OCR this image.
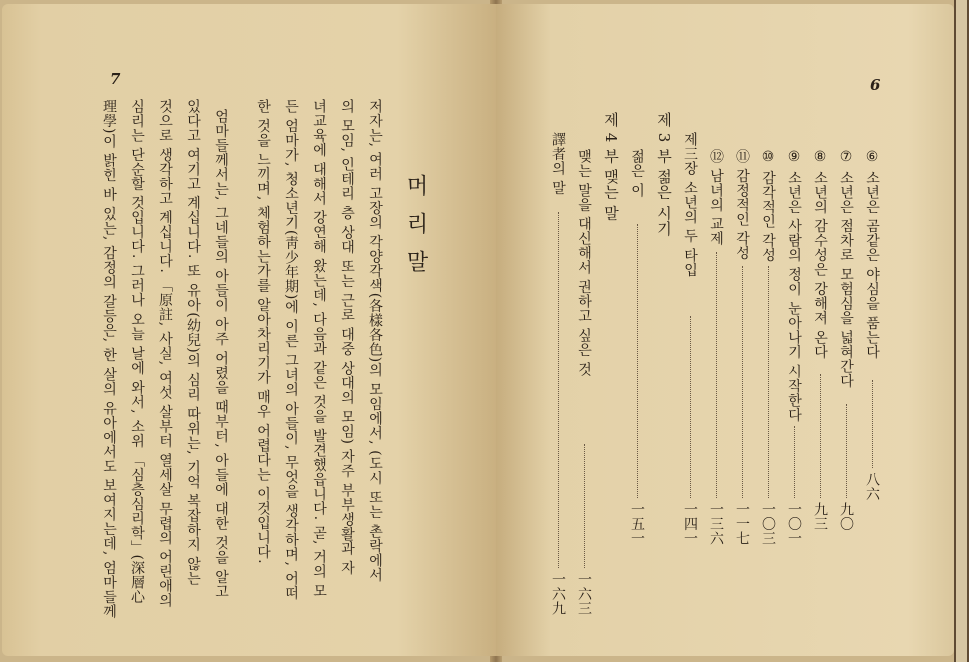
7
머리말
저자는, 여러 고장의 각양각색(各樣各色)의 모임에서, (도시 또는 촌락에서
의 모임, 인테리 층 상대 또는 근로 대중 상대의 모임) 자주 부부생활과 자
녀교육에 대해서 강연해 왔는데, 다음과 같은 것을 발견했읍니다. 곧, 거의 모
든 엄마가, 청소년기(靑少年期)에 이른 그녀의 아들이, 무엇을 생각하며, 어떠
한 것을 느끼며, 체험하는가를 알아차리기가 매우 어렵다는 이것입니다.
엄마들께서는, 그네들의 아들이 아주 어렸을 때부터, 아들에 대한 것을 알고
있다고 여기고 계십니다. 또 유아(幼兒)의 심리 따위는, 기억 복잡하지 않는
것으로 생각하고 계십니다. 「原註, 사실, 여섯 살부터 열세살 무렵의 어린애의
심리는 단순할 것입니다. 그러나 오늘 날에 와서, 소위 「심층심리학」(深層心
理學)이 밝힌 바 있는, 감정의 갈등은, 한 살의 유아에서도 보여지는데, 엄마들께
6
⑥ 소년은 곰같은 야심을 품는다
八六
⑦ 소년은 점차로 모험심을 넓혀간다
九〇
⑧ 소년의 감수성은 강해져 온다
九三
⑨ 소년은 사람의 정이 눈아나기 시작한다
一〇一
⑩ 감각적인 각성
一〇三
⑪ 감정적인 각성
一一七
⑫ 남녀의 교제
一三六
제三장 소년의 두 타입
一四一
제 3 부 젊은 시기
젊은 이
一五一
제 4 부 맺는 말
맺는 말을 대신해서 권하고 싶은 것
一六三
譯者의 말
一六九
